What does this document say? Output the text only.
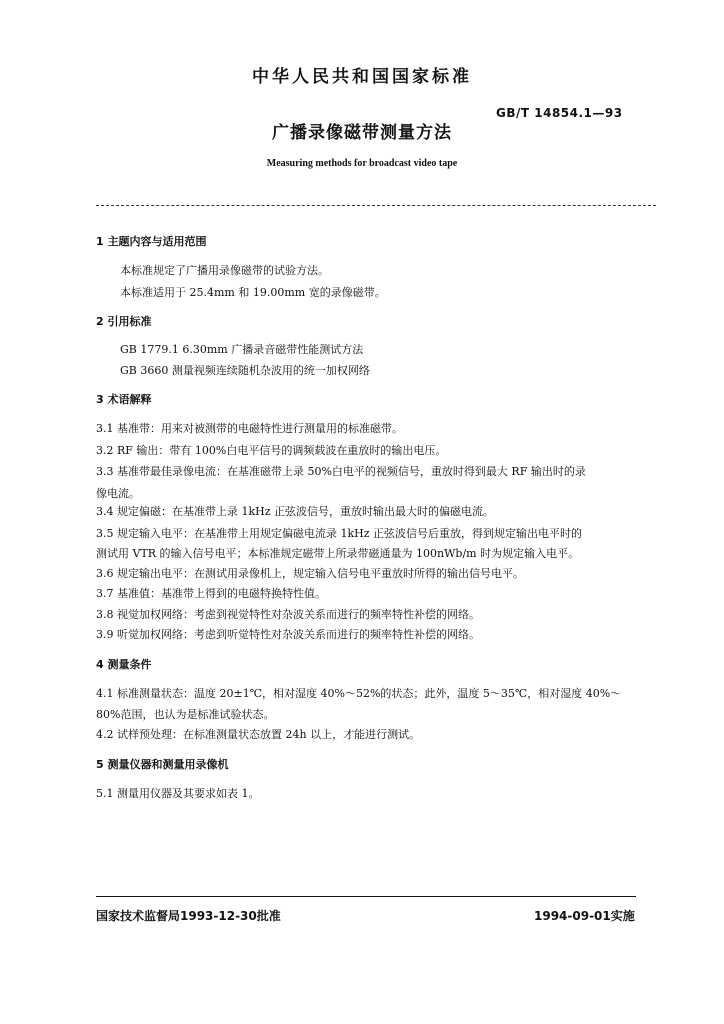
中华人民共和国国家标准
GB/T 14854.1—93
广播录像磁带测量方法
Measuring methods for broadcast video tape
1 主题内容与适用范围
本标准规定了广播用录像磁带的试验方法。
本标准适用于 25.4mm 和 19.00mm 宽的录像磁带。
2 引用标准
GB 1779.1 6.30mm 广播录音磁带性能测试方法
GB 3660 测量视频连续随机杂波用的统一加权网络
3 术语解释
3.1 基准带：用来对被测带的电磁特性进行测量用的标准磁带。
3.2 RF 输出：带有 100%白电平信号的调频载波在重放时的输出电压。
3.3 基准带最佳录像电流：在基准磁带上录 50%白电平的视频信号，重放时得到最大 RF 输出时的录
像电流。
3.4 规定偏磁：在基准带上录 1kHz 正弦波信号，重放时输出最大时的偏磁电流。
3.5 规定输入电平：在基准带上用规定偏磁电流录 1kHz 正弦波信号后重放，得到规定输出电平时的
测试用 VTR 的输入信号电平；本标准规定磁带上所录带磁通量为 100nWb/m 时为规定输入电平。
3.6 规定输出电平：在测试用录像机上，规定输入信号电平重放时所得的输出信号电平。
3.7 基准值：基准带上得到的电磁特换特性值。
3.8 视觉加权网络：考虑到视觉特性对杂波关系而进行的频率特性补偿的网络。
3.9 听觉加权网络：考虑到听觉特性对杂波关系而进行的频率特性补偿的网络。
4 测量条件
4.1 标准测量状态：温度 20±1℃，相对湿度 40%～52%的状态；此外，温度 5～35℃，相对湿度 40%～
80%范围，也认为是标准试验状态。
4.2 试样预处理：在标准测量状态放置 24h 以上，才能进行测试。
5 测量仪器和测量用录像机
5.1 测量用仪器及其要求如表 1。
国家技术监督局1993-12-30批准	1994-09-01实施
